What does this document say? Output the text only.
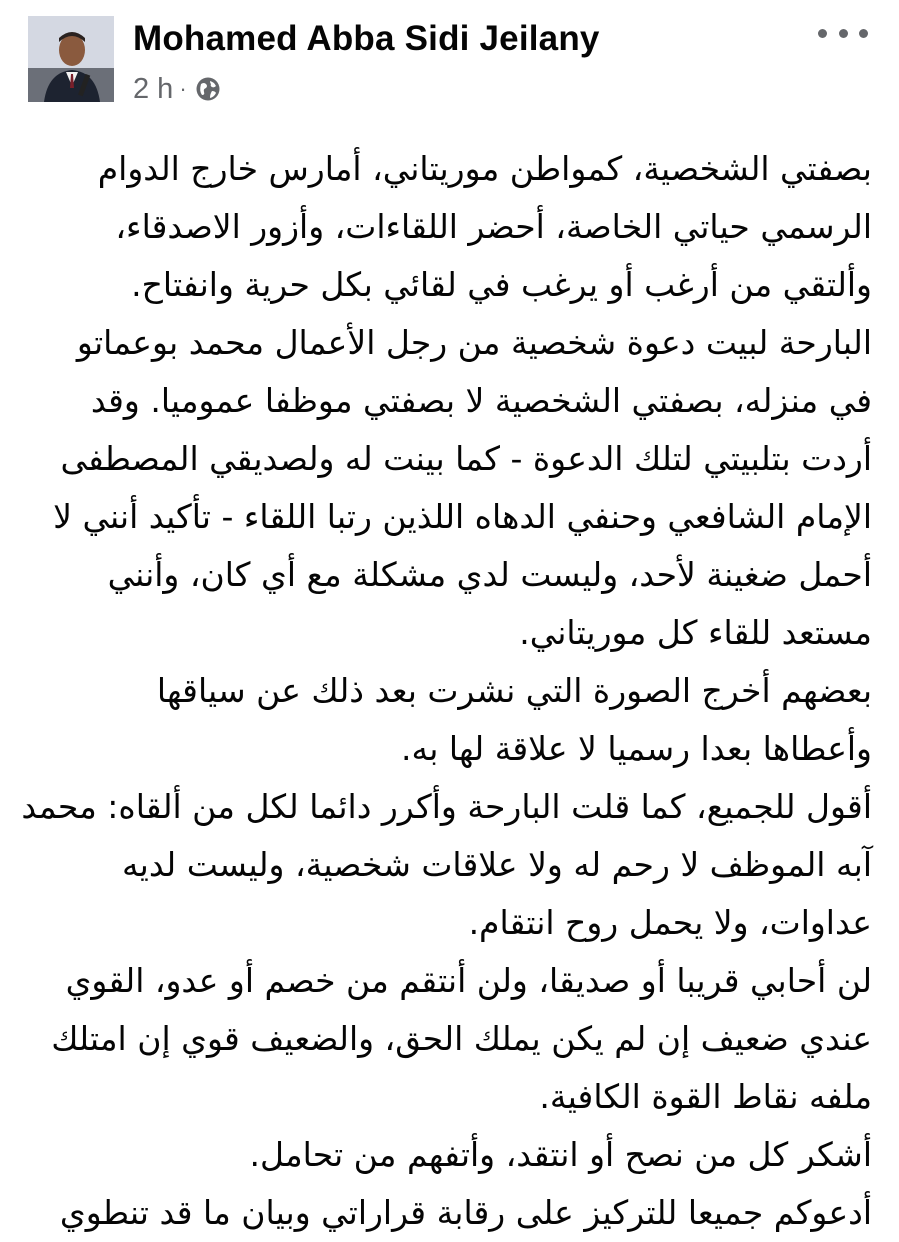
Mohamed Abba Sidi Jeilany
2 h ·
بصفتي الشخصية، كمواطن موريتاني، أمارس خارج الدوام
الرسمي حياتي الخاصة، أحضر اللقاءات، وأزور الاصدقاء،
وألتقي من أرغب أو يرغب في لقائي بكل حرية وانفتاح.
البارحة لبيت دعوة شخصية من رجل الأعمال محمد بوعماتو
في منزله، بصفتي الشخصية لا بصفتي موظفا عموميا. وقد
أردت بتلبيتي لتلك الدعوة - كما بينت له ولصديقي المصطفى
الإمام الشافعي وحنفي الدهاه اللذين رتبا اللقاء - تأكيد أنني لا
أحمل ضغينة لأحد، وليست لدي مشكلة مع أي كان، وأنني
مستعد للقاء كل موريتاني.
بعضهم أخرج الصورة التي نشرت بعد ذلك عن سياقها
وأعطاها بعدا رسميا لا علاقة لها به.
أقول للجميع، كما قلت البارحة وأكرر دائما لكل من ألقاه: محمد
آبه الموظف لا رحم له ولا علاقات شخصية، وليست لديه
عداوات، ولا يحمل روح انتقام.
لن أحابي قريبا أو صديقا، ولن أنتقم من خصم أو عدو، القوي
عندي ضعيف إن لم يكن يملك الحق، والضعيف قوي إن امتلك
ملفه نقاط القوة الكافية.
أشكر كل من نصح أو انتقد، وأتفهم من تحامل.
أدعوكم جميعا للتركيز على رقابة قراراتي وبيان ما قد تنطوي
